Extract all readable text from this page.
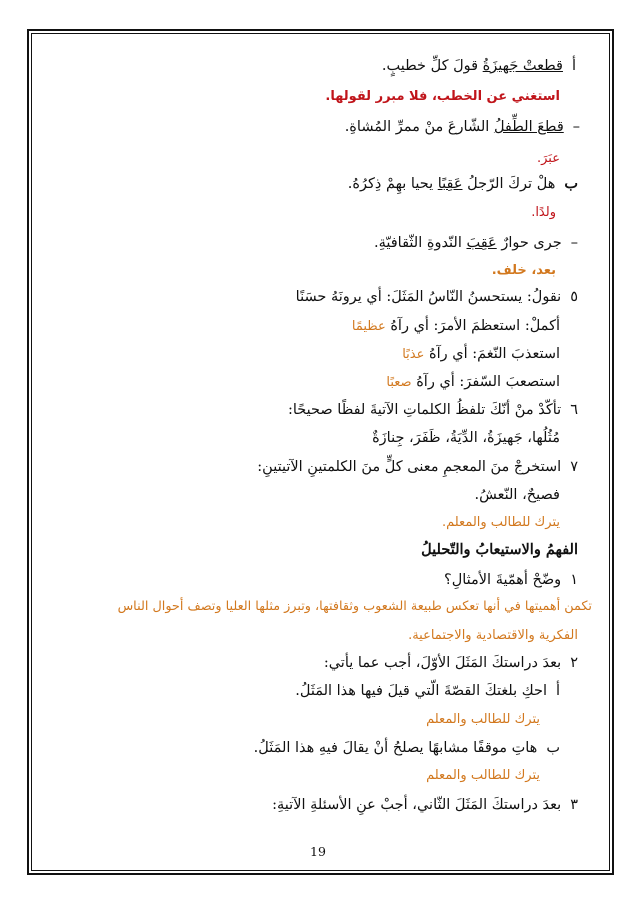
أقطعتْ جَهيزَةُ قولَ كلِّ خطيبٍ.
استغني عن الخطب، فلا مبرر لقولها.
–قطعَ الطِّفلُ الشّارعَ منْ ممرِّ المُشاةِ.
عبَرَ.
بهلْ تركَ الرّجلُ عَقِبًا يحيا بهِمْ ذِكرُهُ.
ولدًا.
–جرى حوارٌ عَقِبَ النّدوةِ الثّقافيّةِ.
بعد، خلف.
٥نقولُ: يستحسنُ النّاسُ المَثَلَ: أي يرونَهُ حسَنًا
أكملْ: استعظمَ الأمرَ: أي رآهُ عظيمًا
استعذبَ النّغمَ: أي رآهُ عذبًا
استصعبَ السّفرَ: أي رآهُ صعبًا
٦تأكّدْ منْ أنّكَ تلفظُ الكلماتِ الآتيةَ لفظًا صحيحًا:
مُثُلُها، جَهيزَةُ، الدِّيَةُ، ظَفَرَ، جِنازَةٌ
٧استخرجْ منَ المعجمِ معنى كلٍّ منَ الكلمتينِ الآتيتينِ:
فصيحٌ، النّعشُ.
يترك للطالب والمعلم.
الفهمُ والاستيعابُ والتّحليلُ
١وضّحْ أهمّيةَ الأمثالِ؟
تكمن أهميتها في أنها تعكس طبيعة الشعوب وثقافتها، وتبرز مثلها العليا وتصف أحوال الناس
الفكرية والاقتصادية والاجتماعية.
٢بعدَ دراستكَ المَثَلَ الأوّلَ، أجب عما يأتي:
أاحكِ بلغتكَ القصّةَ الّتي قيلَ فيها هذا المَثَلُ.
يترك للطالب والمعلم
بهاتِ موقفًا مشابهًا يصلحُ أنْ يقالَ فيهِ هذا المَثَلُ.
يترك للطالب والمعلم
٣بعدَ دراستكَ المَثَلَ الثّاني، أجبْ عنِ الأسئلةِ الآتيةِ:
19
